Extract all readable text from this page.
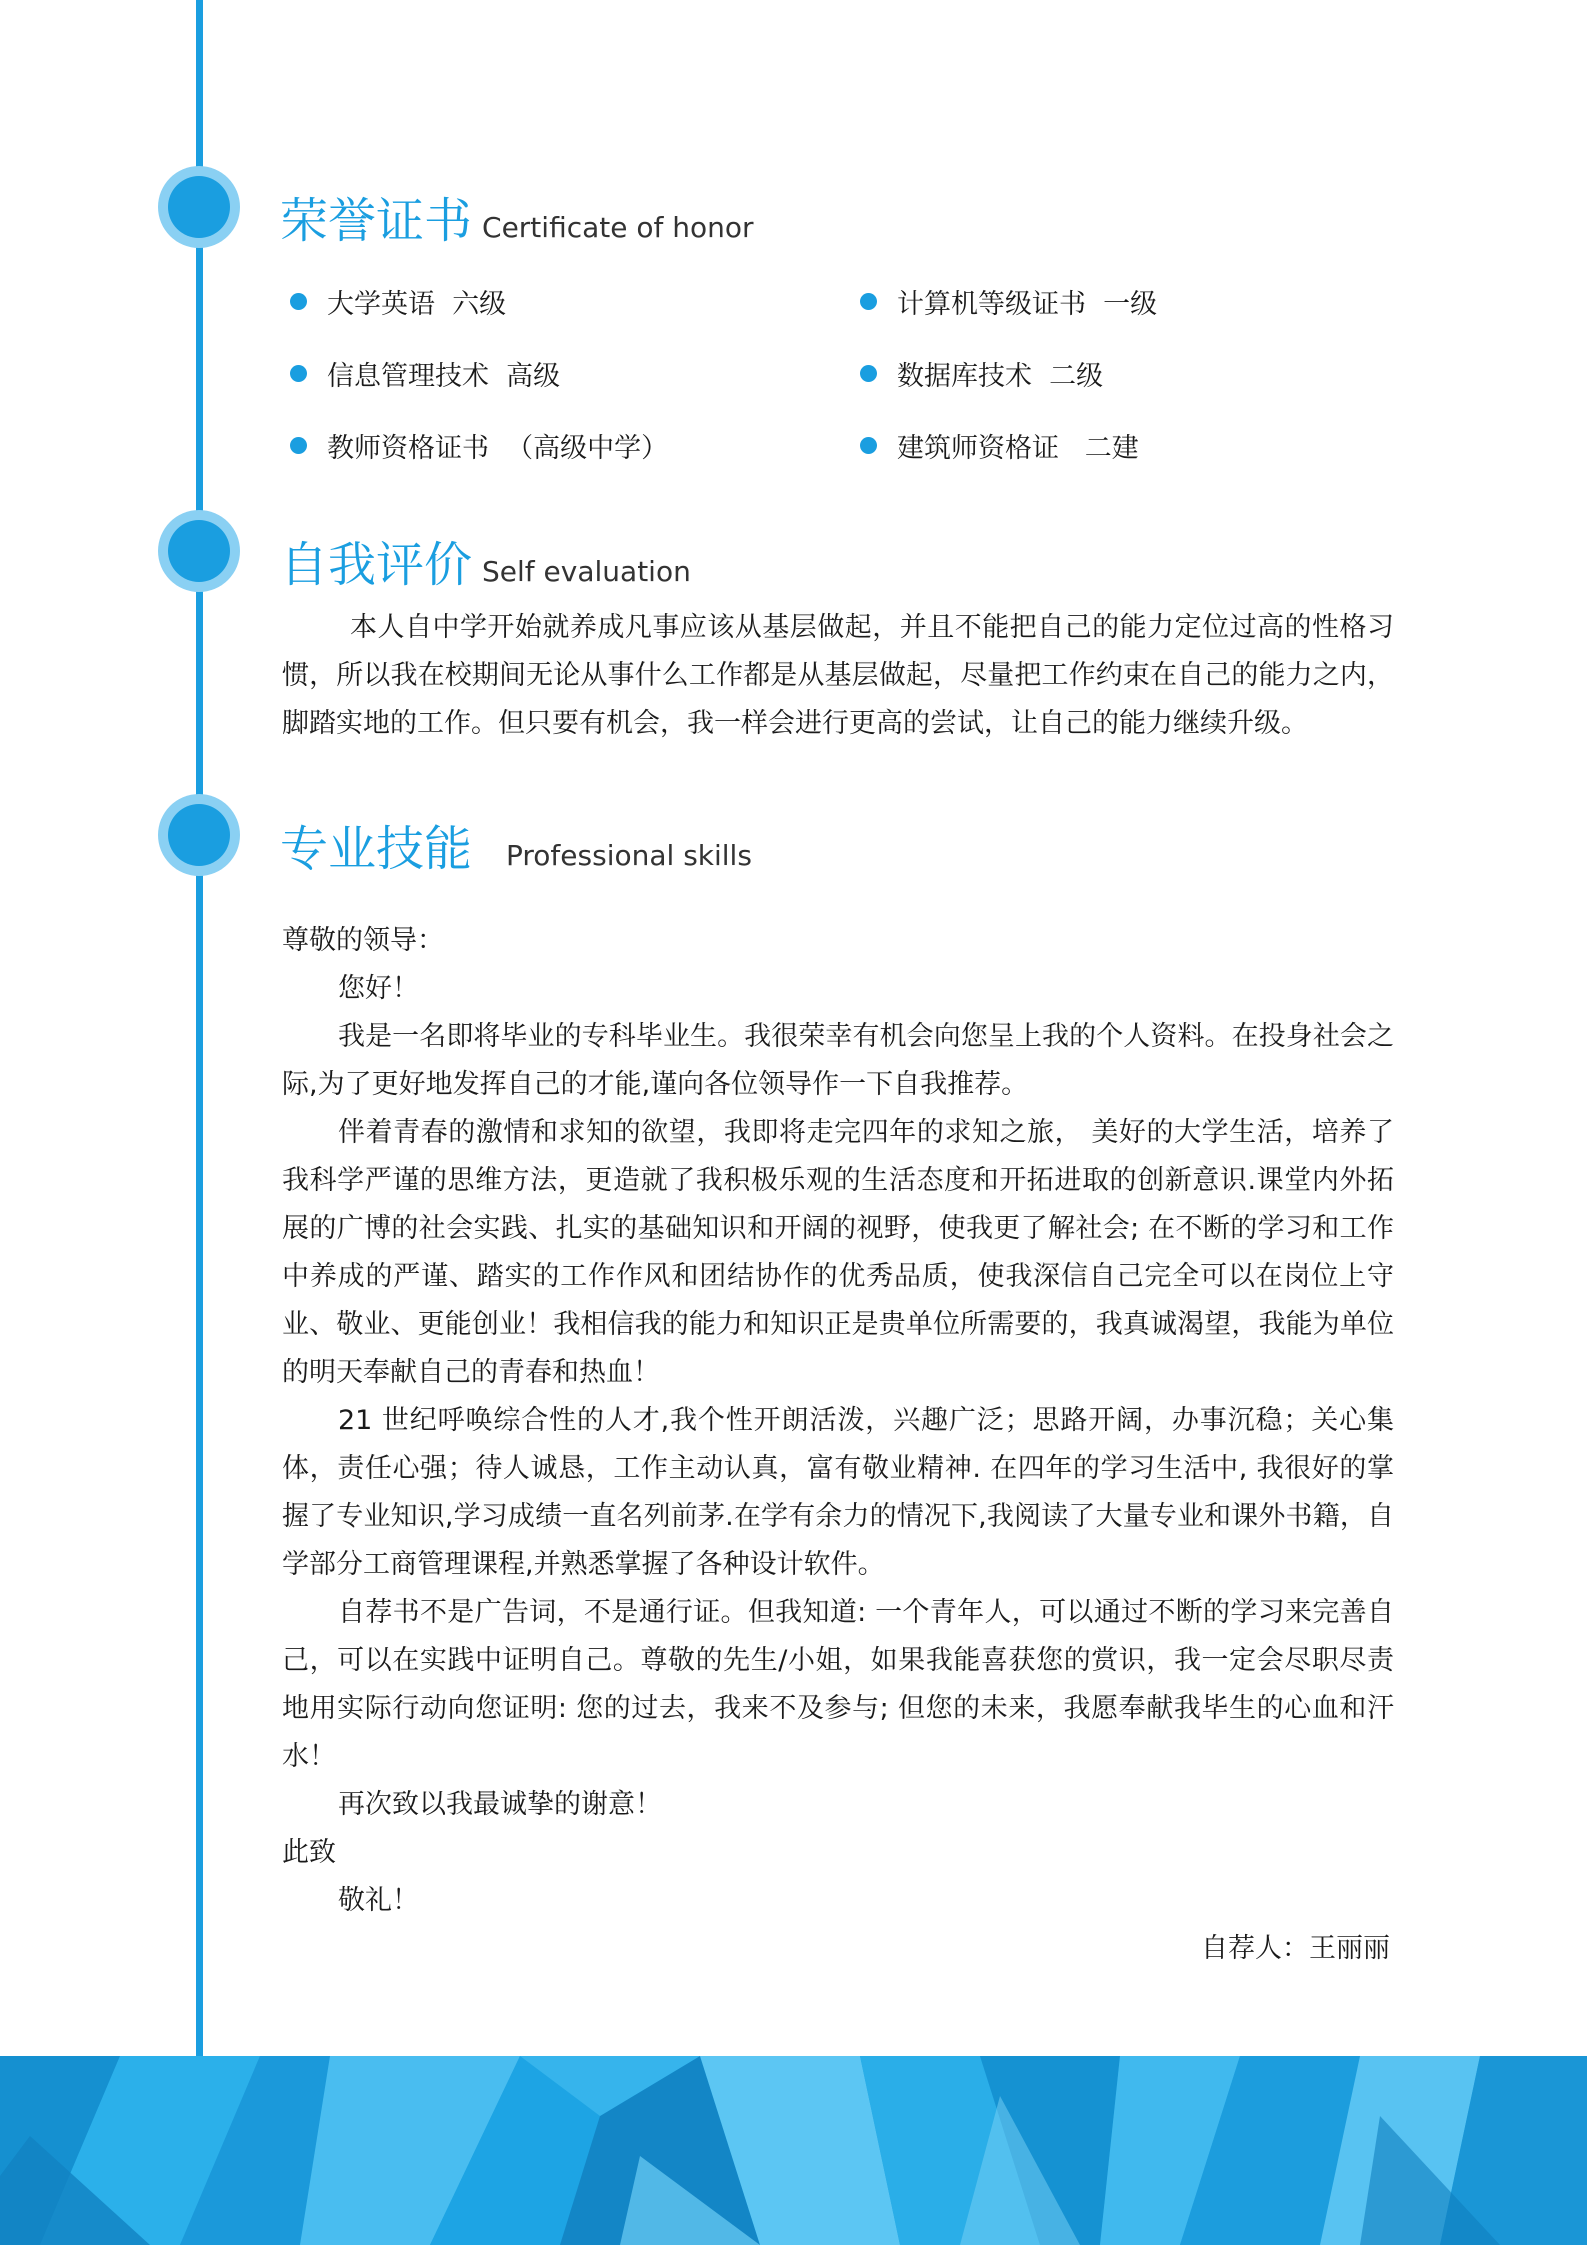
荣誉证书 Certificate of honor
大学英语  六级	计算机等级证书  一级
信息管理技术  高级	数据库技术  二级
教师资格证书  （高级中学）	建筑师资格证   二建
自我评价 Self evaluation

本人自中学开始就养成凡事应该从基层做起，并且不能把自己的能力定位过高的性格习惯，所以我在校期间无论从事什么工作都是从基层做起，尽量把工作约束在自己的能力之内，脚踏实地的工作。但只要有机会，我一样会进行更高的尝试，让自己的能力继续升级。

专业技能 Professional skills

尊敬的领导：

您好！

我是一名即将毕业的专科毕业生。我很荣幸有机会向您呈上我的个人资料。在投身社会之际,为了更好地发挥自己的才能,谨向各位领导作一下自我推荐。

伴着青春的激情和求知的欲望，我即将走完四年的求知之旅， 美好的大学生活，培养了我科学严谨的思维方法，更造就了我积极乐观的生活态度和开拓进取的创新意识.课堂内外拓展的广博的社会实践、扎实的基础知识和开阔的视野，使我更了解社会; 在不断的学习和工作中养成的严谨、踏实的工作作风和团结协作的优秀品质，使我深信自己完全可以在岗位上守业、敬业、更能创业！我相信我的能力和知识正是贵单位所需要的，我真诚渴望，我能为单位的明天奉献自己的青春和热血！

21 世纪呼唤综合性的人才,我个性开朗活泼，兴趣广泛；思路开阔，办事沉稳；关心集体，责任心强；待人诚恳，工作主动认真，富有敬业精神. 在四年的学习生活中, 我很好的掌握了专业知识,学习成绩一直名列前茅.在学有余力的情况下,我阅读了大量专业和课外书籍，自学部分工商管理课程,并熟悉掌握了各种设计软件。

自荐书不是广告词，不是通行证。但我知道: 一个青年人，可以通过不断的学习来完善自己，可以在实践中证明自己。尊敬的先生/小姐，如果我能喜获您的赏识，我一定会尽职尽责地用实际行动向您证明: 您的过去，我来不及参与; 但您的未来，我愿奉献我毕生的心血和汗水！

再次致以我最诚挚的谢意！

此致

敬礼！

自荐人：王丽丽
